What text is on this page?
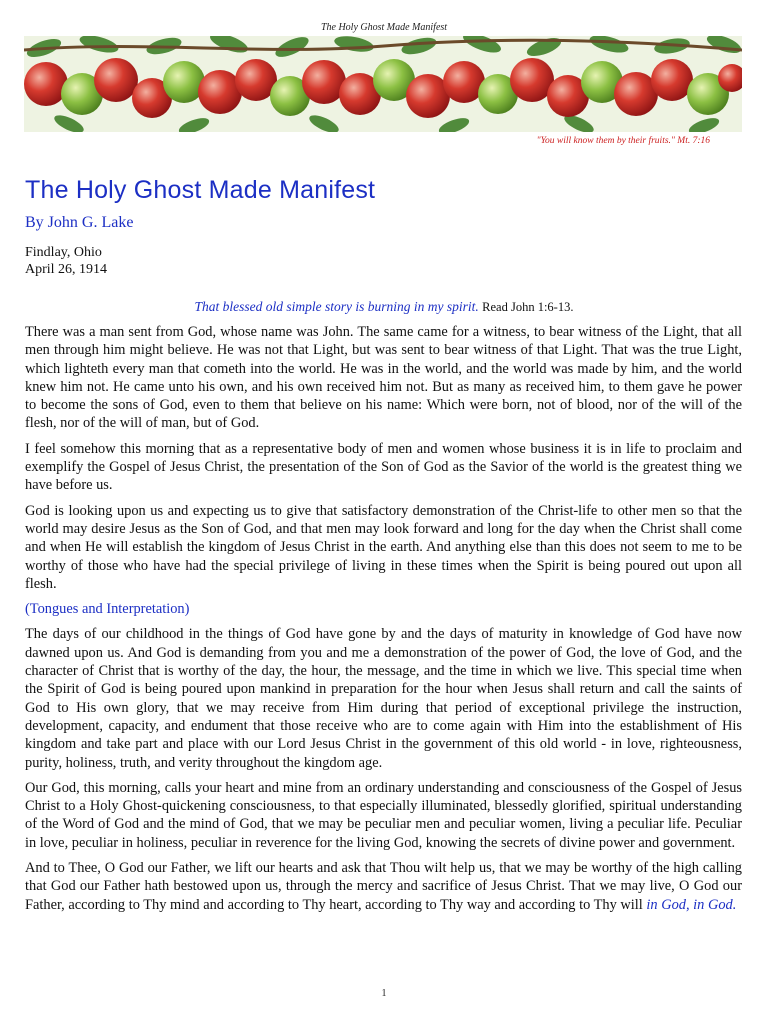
The Holy Ghost Made Manifest
"You will know them by their fruits." Mt. 7:16
The Holy Ghost Made Manifest
By John G. Lake
Findlay, Ohio
April 26, 1914
That blessed old simple story is burning in my spirit. Read John 1:6-13.

There was a man sent from God, whose name was John. The same came for a witness, to bear witness of the Light, that all men through him might believe. He was not that Light, but was sent to bear witness of that Light. That was the true Light, which lighteth every man that cometh into the world. He was in the world, and the world was made by him, and the world knew him not. He came unto his own, and his own received him not. But as many as received him, to them gave he power to become the sons of God, even to them that believe on his name: Which were born, not of blood, nor of the will of the flesh, nor of the will of man, but of God.

I feel somehow this morning that as a representative body of men and women whose business it is in life to proclaim and exemplify the Gospel of Jesus Christ, the presentation of the Son of God as the Savior of the world is the greatest thing we have before us.

God is looking upon us and expecting us to give that satisfactory demonstration of the Christ-life to other men so that the world may desire Jesus as the Son of God, and that men may look forward and long for the day when the Christ shall come and when He will establish the kingdom of Jesus Christ in the earth. And anything else than this does not seem to me to be worthy of those who have had the special privilege of living in these times when the Spirit is being poured out upon all flesh.

(Tongues and Interpretation)

The days of our childhood in the things of God have gone by and the days of maturity in knowledge of God have now dawned upon us. And God is demanding from you and me a demonstration of the power of God, the love of God, and the character of Christ that is worthy of the day, the hour, the message, and the time in which we live. This special time when the Spirit of God is being poured upon mankind in preparation for the hour when Jesus shall return and call the saints of God to His own glory, that we may receive from Him during that period of exceptional privilege the instruction, development, capacity, and endument that those receive who are to come again with Him into the establishment of His kingdom and take part and place with our Lord Jesus Christ in the government of this old world - in love, righteousness, purity, holiness, truth, and verity throughout the kingdom age.

Our God, this morning, calls your heart and mine from an ordinary understanding and consciousness of the Gospel of Jesus Christ to a Holy Ghost-quickening consciousness, to that especially illuminated, blessedly glorified, spiritual understanding of the Word of God and the mind of God, that we may be peculiar men and peculiar women, living a peculiar life. Peculiar in love, peculiar in holiness, peculiar in reverence for the living God, knowing the secrets of divine power and government.

And to Thee, O God our Father, we lift our hearts and ask that Thou wilt help us, that we may be worthy of the high calling that God our Father hath bestowed upon us, through the mercy and sacrifice of Jesus Christ. That we may live, O God our Father, according to Thy mind and according to Thy heart, according to Thy way and according to Thy will in God, in God.

1
